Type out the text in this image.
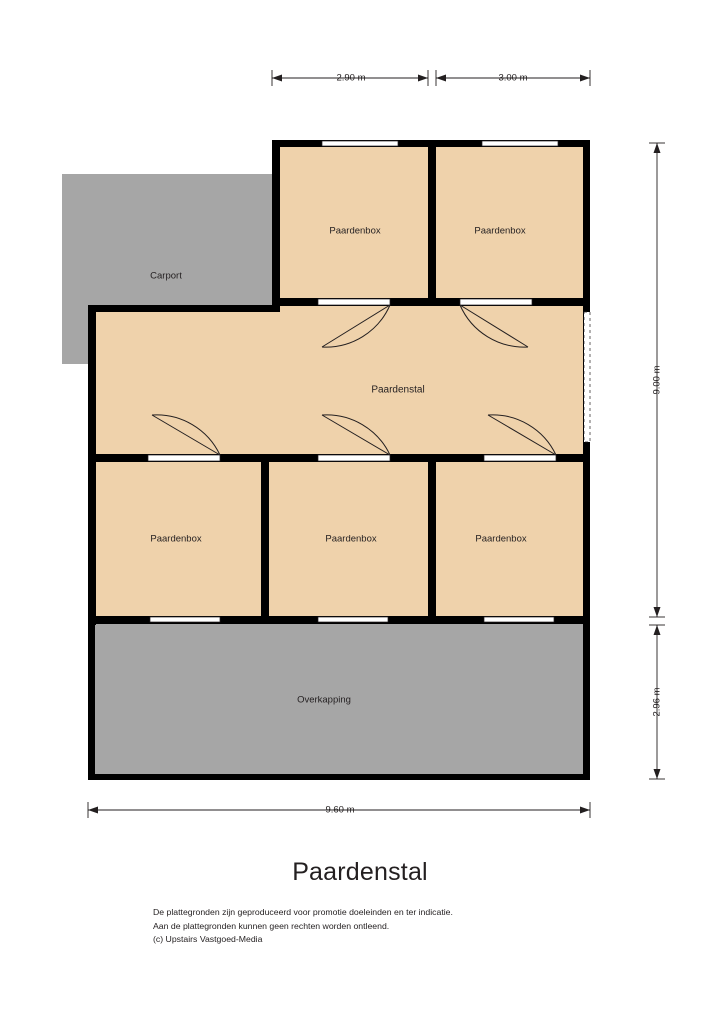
2.90 m	3.00 m
9.00 m
2.96 m
9.60 m
Carport
Paardenbox	Paardenbox
Paardenstal
Paardenbox	Paardenbox	Paardenbox
Overkapping
Paardenstal
De plattegronden zijn geproduceerd voor promotie doeleinden en ter indicatie.
Aan de plattegronden kunnen geen rechten worden ontleend.
(c) Upstairs Vastgoed-Media
